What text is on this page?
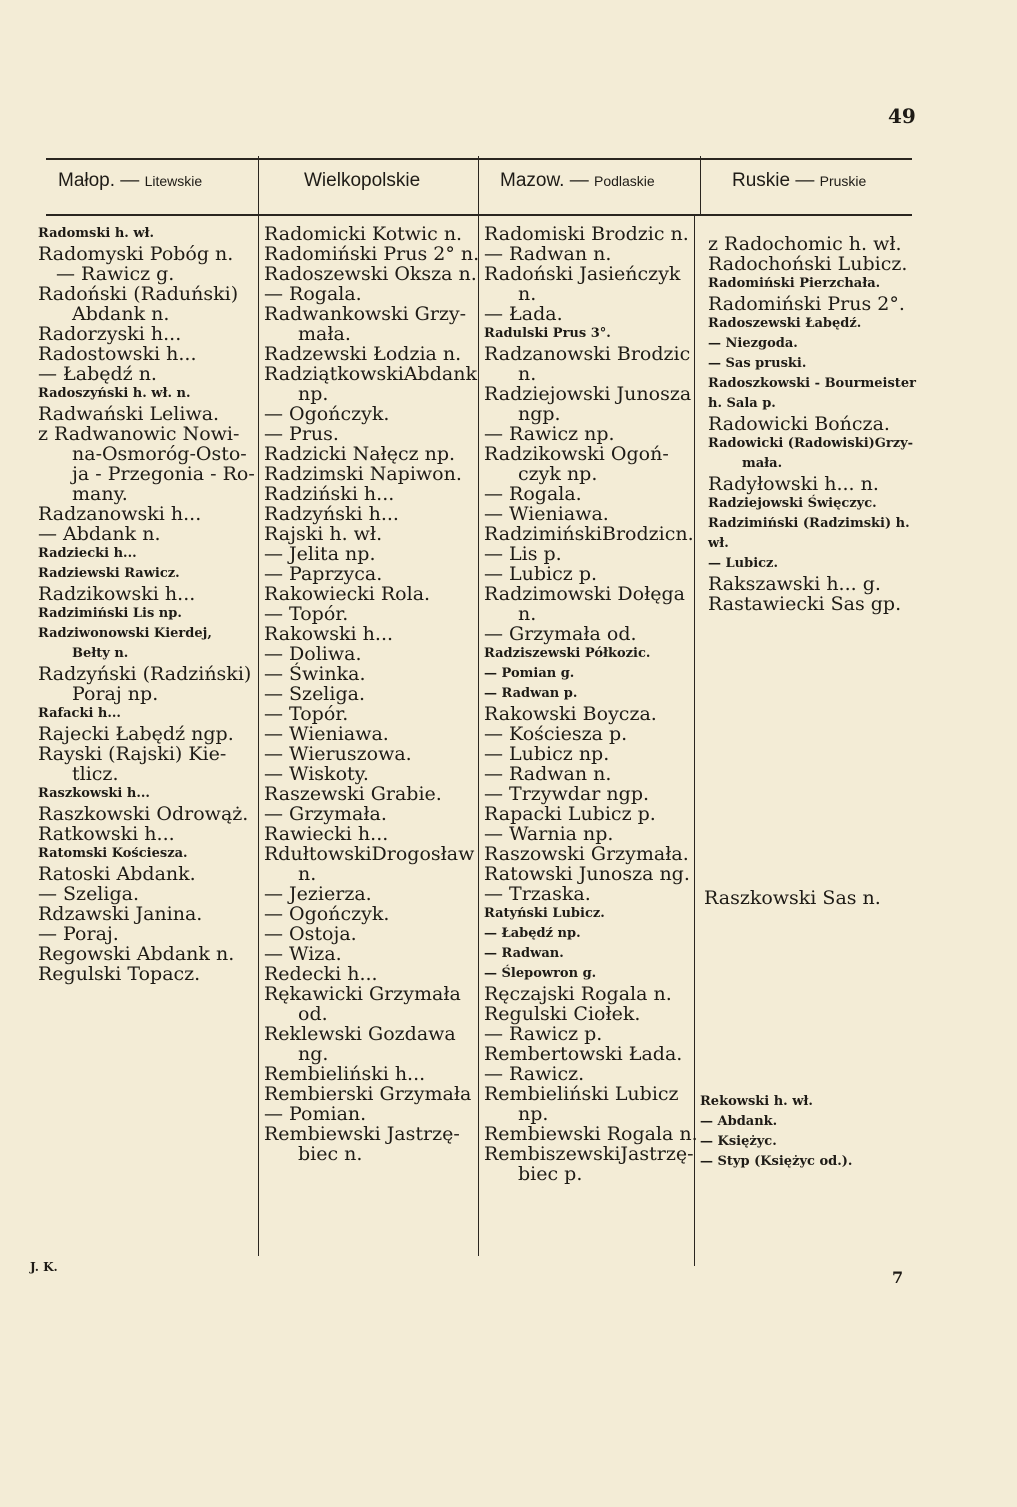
49
Małop. — Litewskie	Wielkopolskie	Mazow. — Podlaskie	Ruskie — Pruskie
Radomski h. wł.
Radomyski Pobóg n.
— Rawicz g.
Radoński (Raduński)
Abdank n.
Radorzyski h...
Radostowski h...
— Łabędź n.
Radoszyński h. wł. n.
Radwański Leliwa.
z Radwanowic Nowi-
na-Osmoróg-Osto-
ja - Przegonia - Ro-
many.
Radzanowski h...
— Abdank n.
Radziecki h...
Radziewski Rawicz.
Radzikowski h...
Radzimiński Lis np.
Radziwonowski Kierdej,
Bełty n.
Radzyński (Radziński)
Poraj np.
Rafacki h...
Rajecki Łabędź ngp.
Rayski (Rajski) Kie-
tlicz.
Raszkowski h...
Raszkowski Odrowąż.
Ratkowski h...
Ratomski Kościesza.
Ratoski Abdank.
— Szeliga.
Rdzawski Janina.
— Poraj.
Regowski Abdank n.
Regulski Topacz.
Radomicki Kotwic n.
Radomiński Prus 2° n.
Radoszewski Oksza n.
— Rogala.
Radwankowski Grzy-
mała.
Radzewski Łodzia n.
RadziątkowskiAbdank
np.
— Ogończyk.
— Prus.
Radzicki Nałęcz np.
Radzimski Napiwon.
Radziński h...
Radzyński h...
Rajski h. wł.
— Jelita np.
— Paprzyca.
Rakowiecki Rola.
— Topór.
Rakowski h...
— Doliwa.
— Świnka.
— Szeliga.
— Topór.
— Wieniawa.
— Wieruszowa.
— Wiskoty.
Raszewski Grabie.
— Grzymała.
Rawiecki h...
RdułtowskiDrogosław
n.
— Jezierza.
— Ogończyk.
— Ostoja.
— Wiza.
Redecki h...
Rękawicki Grzymała
od.
Reklewski Gozdawa
ng.
Rembieliński h...
Rembierski Grzymała
— Pomian.
Rembiewski Jastrzę-
biec n.
Radomiski Brodzic n.
— Radwan n.
Radoński Jasieńczyk
n.
— Łada.
Radulski Prus 3°.
Radzanowski Brodzic
n.
Radziejowski Junosza
ngp.
— Rawicz np.
Radzikowski Ogoń-
czyk np.
— Rogala.
— Wieniawa.
RadzimińskiBrodzicn.
— Lis p.
— Lubicz p.
Radzimowski Dołęga
n.
— Grzymała od.
Radziszewski Półkozic.
— Pomian g.
— Radwan p.
Rakowski Boycza.
— Kościesza p.
— Lubicz np.
— Radwan n.
— Trzywdar ngp.
Rapacki Lubicz p.
— Warnia np.
Raszowski Grzymała.
Ratowski Junosza ng.
— Trzaska.
Ratyński Lubicz.
— Łabędź np.
— Radwan.
— Ślepowron g.
Ręczajski Rogala n.
Regulski Ciołek.
— Rawicz p.
Rembertowski Łada.
— Rawicz.
Rembieliński Lubicz
np.
Rembiewski Rogala n.
RembiszewskiJastrzę-
biec p.
z Radochomic h. wł.
Radochoński Lubicz.
Radomiński Pierzchała.
Radomiński Prus 2°.
Radoszewski Łabędź.
— Niezgoda.
— Sas pruski.
Radoszkowski - Bourmeister
h. Sala p.
Radowicki Bończa.
Radowicki (Radowiski)Grzy-
mała.
Radyłowski h... n.
Radziejowski Święczyc.
Radzimiński (Radzimski) h.
wł.
— Lubicz.
Rakszawski h... g.
Rastawiecki Sas gp.
Raszkowski Sas n.
Rekowski h. wł.
— Abdank.
— Księżyc.
— Styp (Księżyc od.).
J. K.
7
